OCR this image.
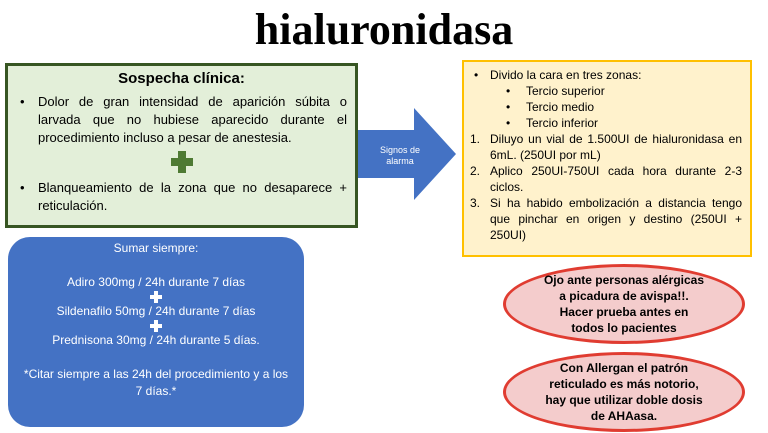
hialuronidasa
Sospecha clínica:
• Dolor de gran intensidad de aparición súbita o larvada que no hubiese aparecido durante el procedimiento incluso a pesar de anestesia.
• Blanqueamiento de la zona que no desaparece + reticulación.
Signos de alarma
• Divido la cara en tres zonas:
• Tercio superior
• Tercio medio
• Tercio inferior
1. Diluyo un vial de 1.500UI de hialuronidasa en 6mL. (250UI por mL)
2. Aplico 250UI-750UI cada hora durante 2-3 ciclos.
3. Si ha habido embolización a distancia tengo que pinchar en origen y destino (250UI + 250UI)
Sumar siempre:
Adiro 300mg / 24h durante 7 días
Sildenafilo 50mg / 24h durante 7 días
Prednisona 30mg / 24h durante 5 días.
*Citar siempre a las 24h del procedimiento y a los 7 días.*
Ojo ante personas alérgicas
a picadura de avispa!!.
Hacer prueba antes en
todos lo pacientes
Con Allergan el patrón
reticulado es más notorio,
hay que utilizar doble dosis
de AHAasa.
